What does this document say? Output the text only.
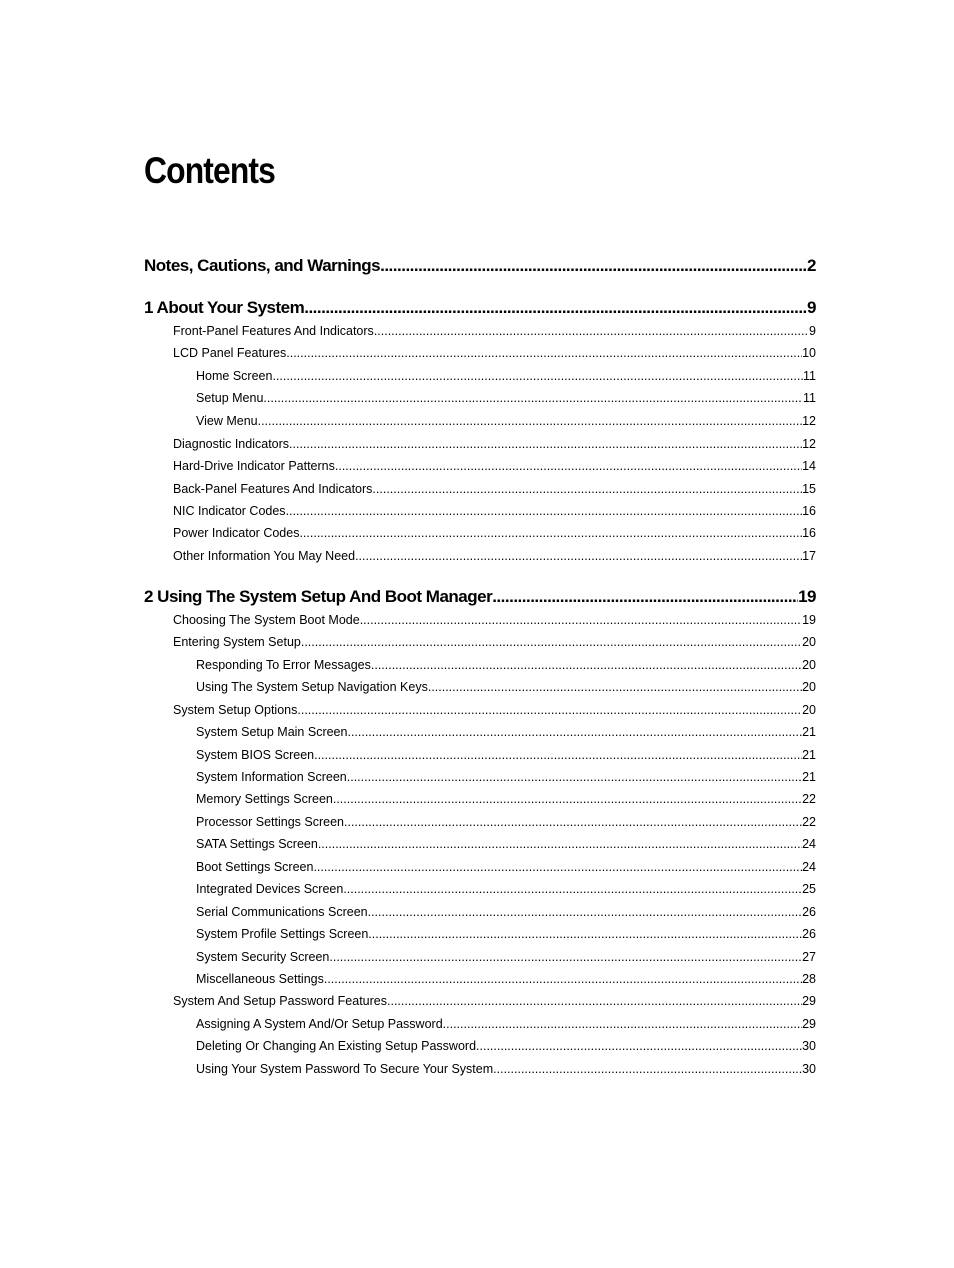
Contents
Notes, Cautions, and Warnings .....	2
1 About Your System .....	9
Front-Panel Features And Indicators .....	9
LCD Panel Features .....	10
Home Screen .....	11
Setup Menu .....	11
View Menu .....	12
Diagnostic Indicators .....	12
Hard-Drive Indicator Patterns .....	14
Back-Panel Features And Indicators .....	15
NIC Indicator Codes .....	16
Power Indicator Codes .....	16
Other Information You May Need .....	17
2 Using The System Setup And Boot Manager .....	19
Choosing The System Boot Mode .....	19
Entering System Setup .....	20
Responding To Error Messages .....	20
Using The System Setup Navigation Keys .....	20
System Setup Options .....	20
System Setup Main Screen .....	21
System BIOS Screen .....	21
System Information Screen .....	21
Memory Settings Screen .....	22
Processor Settings Screen .....	22
SATA Settings Screen .....	24
Boot Settings Screen .....	24
Integrated Devices Screen .....	25
Serial Communications Screen .....	26
System Profile Settings Screen .....	26
System Security Screen .....	27
Miscellaneous Settings .....	28
System And Setup Password Features .....	29
Assigning A System And/Or Setup Password .....	29
Deleting Or Changing An Existing Setup Password .....	30
Using Your System Password To Secure Your System .....	30
